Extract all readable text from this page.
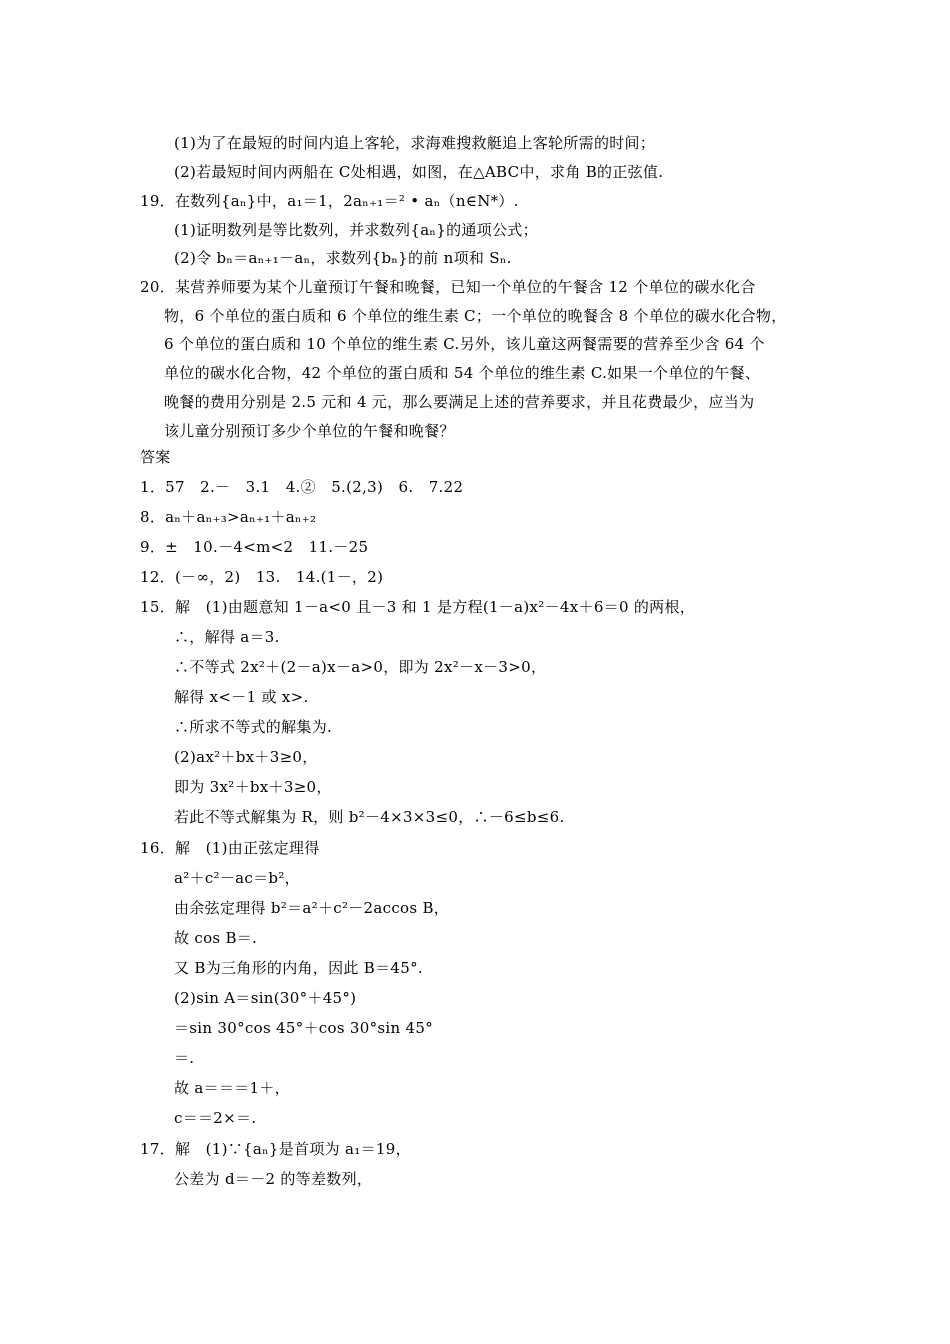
(1)为了在最短的时间内追上客轮，求海难搜救艇追上客轮所需的时间；
(2)若最短时间内两船在 C处相遇，如图，在△ABC中，求角 B的正弦值.
19．在数列{aₙ}中，a₁＝1，2aₙ₊₁＝² • aₙ（n∈N*）.
(1)证明数列是等比数列，并求数列{aₙ}的通项公式；
(2)令 bₙ＝aₙ₊₁－aₙ，求数列{bₙ}的前 n项和 Sₙ.
20．某营养师要为某个儿童预订午餐和晚餐，已知一个单位的午餐含 12 个单位的碳水化合
物，6 个单位的蛋白质和 6 个单位的维生素 C；一个单位的晚餐含 8 个单位的碳水化合物，
6 个单位的蛋白质和 10 个单位的维生素 C.另外，该儿童这两餐需要的营养至少含 64 个
单位的碳水化合物，42 个单位的蛋白质和 54 个单位的维生素 C.如果一个单位的午餐、
晚餐的费用分别是 2.5 元和 4 元，那么要满足上述的营养要求，并且花费最少，应当为
该儿童分别预订多少个单位的午餐和晚餐？
答案
1．57　2.－　3.1　4.②　5.(2,3)　6.　7.22
8．aₙ＋aₙ₊₃>aₙ₊₁＋aₙ₊₂
9．±　10.－4<m<2　11.－25
12．(－∞，2)　13.　14.(1－，2)
15．解　(1)由题意知 1－a<0 且－3 和 1 是方程(1－a)x²－4x＋6＝0 的两根，
∴，解得 a＝3.
∴不等式 2x²＋(2－a)x－a>0，即为 2x²－x－3>0，
解得 x<－1 或 x>.
∴所求不等式的解集为.
(2)ax²＋bx＋3≥0，
即为 3x²＋bx＋3≥0，
若此不等式解集为 R，则 b²－4×3×3≤0，∴－6≤b≤6.
16．解　(1)由正弦定理得
a²＋c²－ac＝b²，
由余弦定理得 b²＝a²＋c²－2accos B，
故 cos B＝.
又 B为三角形的内角，因此 B＝45°.
(2)sin A＝sin(30°＋45°)
＝sin 30°cos 45°＋cos 30°sin 45°
＝.
故 a＝＝＝1＋，
c＝＝2×＝.
17．解　(1)∵{aₙ}是首项为 a₁＝19，
公差为 d＝－2 的等差数列，
